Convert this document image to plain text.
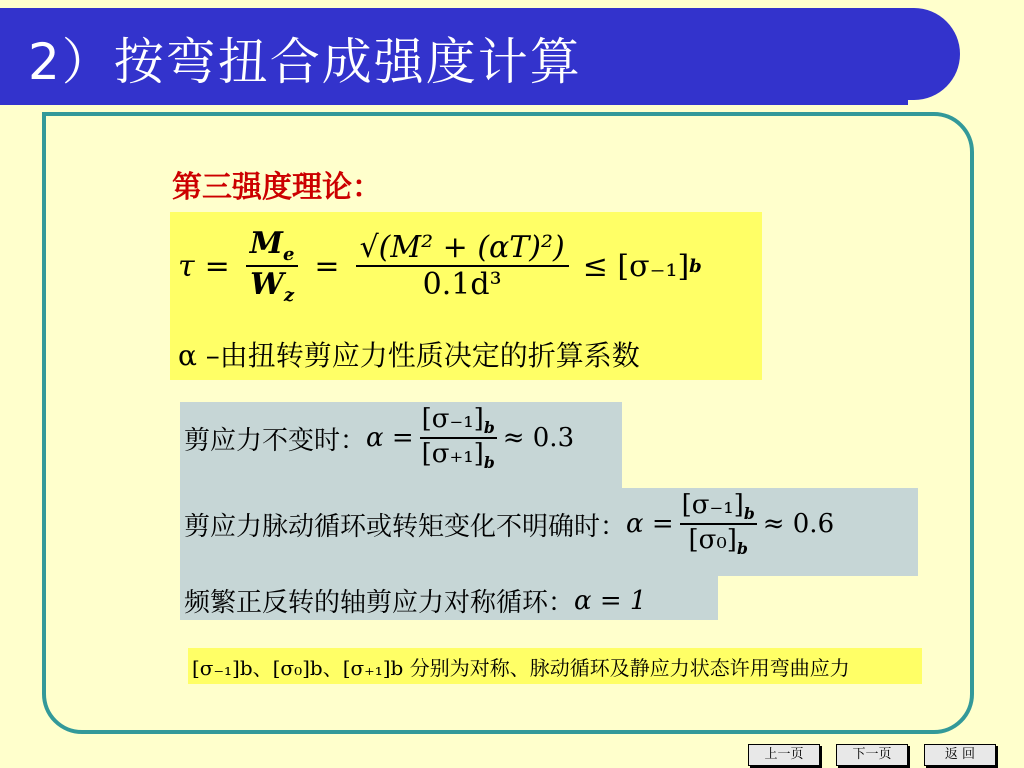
2）按弯扭合成强度计算
第三强度理论：
$\tau = \frac{M_e}{W_z} = \frac{\text{√(M² + (αT)²)}}{\text{0.1d³}} \le [\sigma_{-1}]$ b
α –由扭转剪应力性质决定的折算系数
剪应力不变时： $\alpha = \frac{[\sigma_{-1}]_b}{[\sigma_{+1}]_b} \approx 0.3$
剪应力脉动循环或转矩变化不明确时： $\alpha = \frac{[\sigma_{-1}]_b}{[\sigma_0]_b} \approx 0.6$
频繁正反转的轴剪应力对称循环： α = 1
[σ₋₁]b、[σ₀]b、[σ₊₁]b 分别为对称、脉动循环及静应力状态许用弯曲应力
上一页	下一页	返 回
